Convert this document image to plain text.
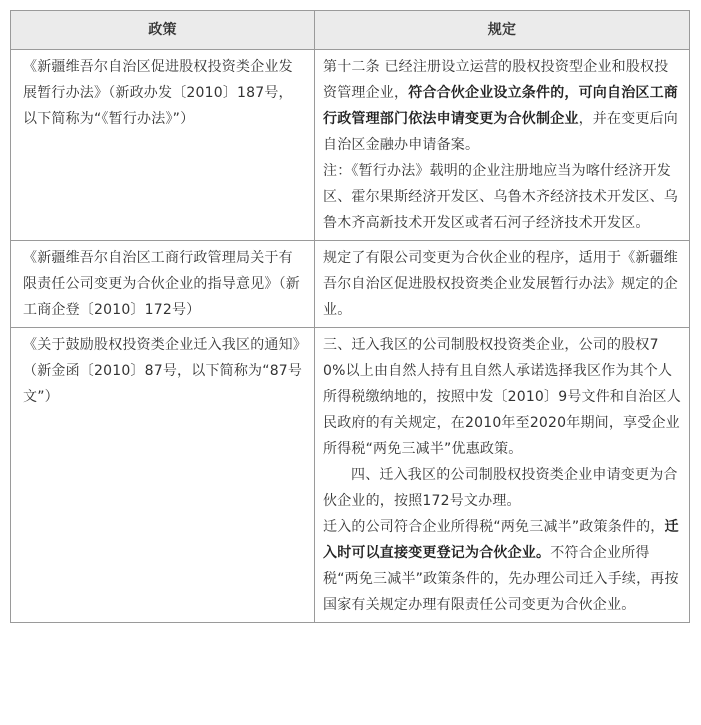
政策	规定

《新疆维吾尔自治区促进股权投资类企业发展暂行办法》（新政办发〔2010〕187号，以下简称为“《暂行办法》”）	第十二条 已经注册设立运营的股权投资型企业和股权投资管理企业，符合合伙企业设立条件的，可向自治区工商行政管理部门依法申请变更为合伙制企业，并在变更后向自治区金融办申请备案。

注：《暂行办法》载明的企业注册地应当为喀什经济开发区、霍尔果斯经济开发区、乌鲁木齐经济技术开发区、乌鲁木齐高新技术开发区或者石河子经济技术开发区。

《新疆维吾尔自治区工商行政管理局关于有限责任公司变更为合伙企业的指导意见》（新工商企登〔2010〕172号）	规定了有限公司变更为合伙企业的程序，适用于《新疆维吾尔自治区促进股权投资类企业发展暂行办法》规定的企业。

《关于鼓励股权投资类企业迁入我区的通知》（新金函〔2010〕87号，以下简称为“87号文”）	三、迁入我区的公司制股权投资类企业，公司的股权70%以上由自然人持有且自然人承诺选择我区作为其个人所得税缴纳地的，按照中发〔2010〕9号文件和自治区人民政府的有关规定，在2010年至2020年期间，享受企业所得税“两免三减半”优惠政策。

四、迁入我区的公司制股权投资类企业申请变更为合伙企业的，按照172号文办理。

迁入的公司符合企业所得税“两免三减半”政策条件的，迁入时可以直接变更登记为合伙企业。不符合企业所得税“两免三减半”政策条件的，先办理公司迁入手续，再按国家有关规定办理有限责任公司变更为合伙企业。
